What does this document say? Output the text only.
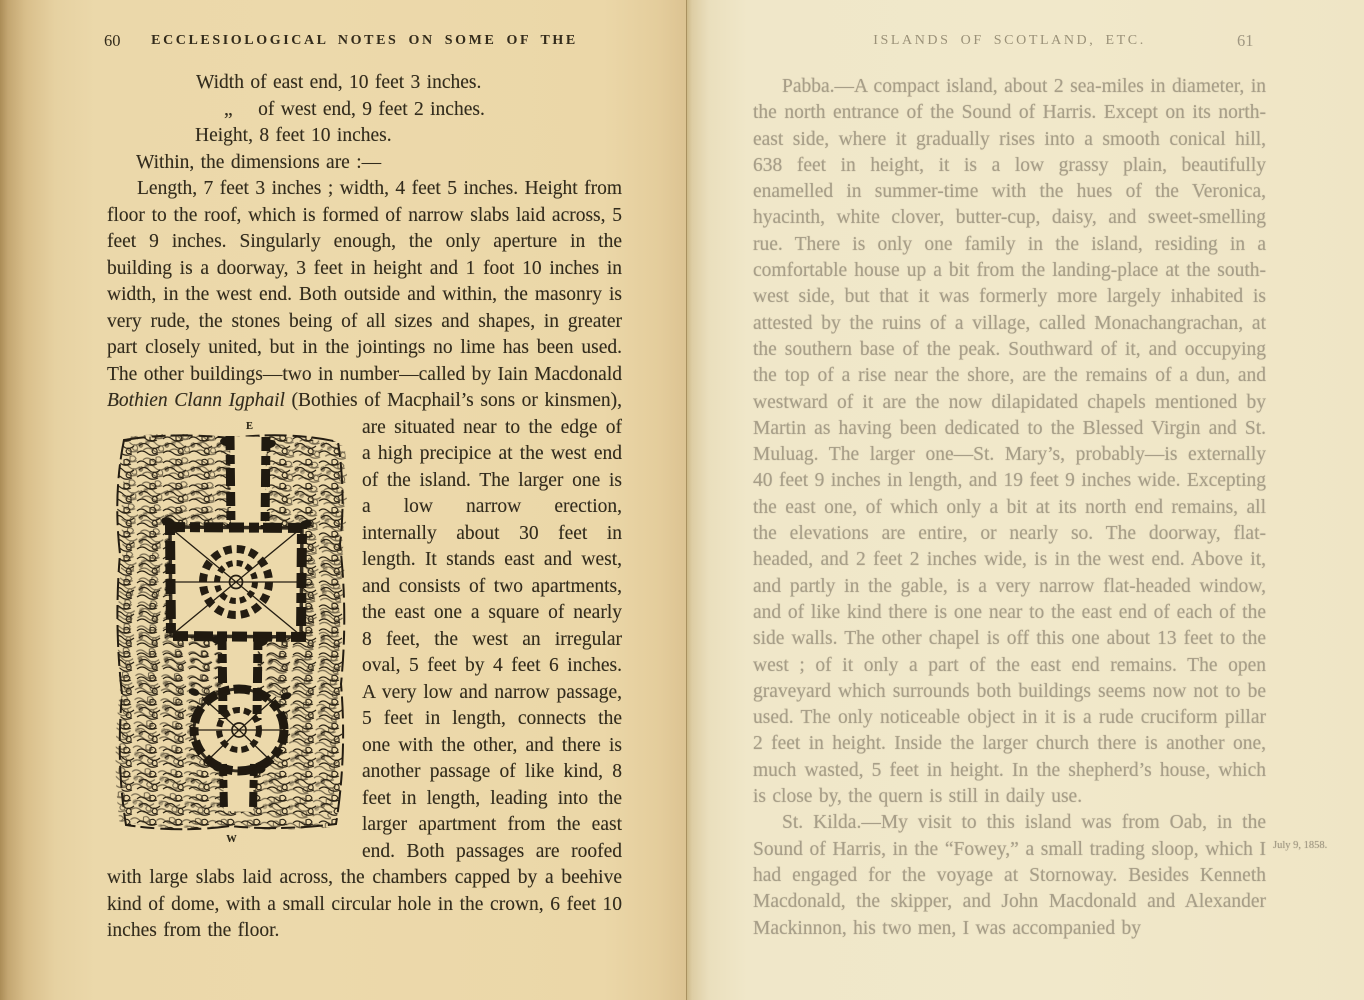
60	ECCLESIOLOGICAL NOTES ON SOME OF THE
Width of east end, 10 feet 3 inches.
„    of west end, 9 feet 2 inches.
Height, 8 feet 10 inches.
Within, the dimensions are :—

Length, 7 feet 3 inches ; width, 4 feet 5 inches. Height from floor to the roof, which is formed of narrow slabs laid across, 5 feet 9 inches. Singularly enough, the only aperture in the building is a doorway, 3 feet in height and 1 foot 10 inches in width, in the west end. Both outside and within, the masonry is very rude, the stones being of all sizes and shapes, in greater part closely united, but in the jointings no lime has been used. The other buildings—two in number—called by Iain Macdonald Bothien Clann Igphail (Bothies of Macphail’s sons or kinsmen), are situated near to the edge of
E
W
a high precipice at the west end of the island. The larger one is a low narrow erection, internally about 30 feet in length. It stands east and west, and consists of two apartments, the east one a square of nearly 8 feet, the west an irregular oval, 5 feet by 4 feet 6 inches. A very low and narrow passage, 5 feet in length, connects the one with the other, and there is another passage of like kind, 8 feet in length, leading into the larger apartment from the east end. Both passages are roofed with large slabs laid across, the chambers capped by a beehive kind of dome, with a small circular hole in the crown, 6 feet 10 inches from the floor.

ISLANDS OF SCOTLAND, ETC.	61

Pabba.—A compact island, about 2 sea-miles in diameter, in the north entrance of the Sound of Harris. Except on its north-east side, where it gradually rises into a smooth conical hill, 638 feet in height, it is a low grassy plain, beautifully enamelled in summer-time with the hues of the Veronica, hyacinth, white clover, butter-cup, daisy, and sweet-smelling rue. There is only one family in the island, residing in a comfortable house up a bit from the landing-place at the south-west side, but that it was formerly more largely inhabited is attested by the ruins of a village, called Monachangrachan, at the southern base of the peak. Southward of it, and occupying the top of a rise near the shore, are the remains of a dun, and westward of it are the now dilapidated chapels mentioned by Martin as having been dedicated to the Blessed Virgin and St. Muluag. The larger one—St. Mary’s, probably—is externally 40 feet 9 inches in length, and 19 feet 9 inches wide. Excepting the east one, of which only a bit at its north end remains, all the elevations are entire, or nearly so. The doorway, flat-headed, and 2 feet 2 inches wide, is in the west end. Above it, and partly in the gable, is a very narrow flat-headed window, and of like kind there is one near to the east end of each of the side walls. The other chapel is off this one about 13 feet to the west ; of it only a part of the east end remains. The open graveyard which surrounds both buildings seems now not to be used. The only noticeable object in it is a rude cruciform pillar 2 feet in height. Inside the larger church there is another one, much wasted, 5 feet in height. In the shepherd’s house, which is close by, the quern is still in daily use.

St. Kilda.—My visit to this island was from Oab, in the Sound of Harris, in the “Fowey,” a small trading sloop, which I had engaged for the voyage at Stornoway. Besides Kenneth Macdonald, the skipper, and John Macdonald and Alexander Mackinnon, his two men, I was accompanied by

July 9, 1858.
